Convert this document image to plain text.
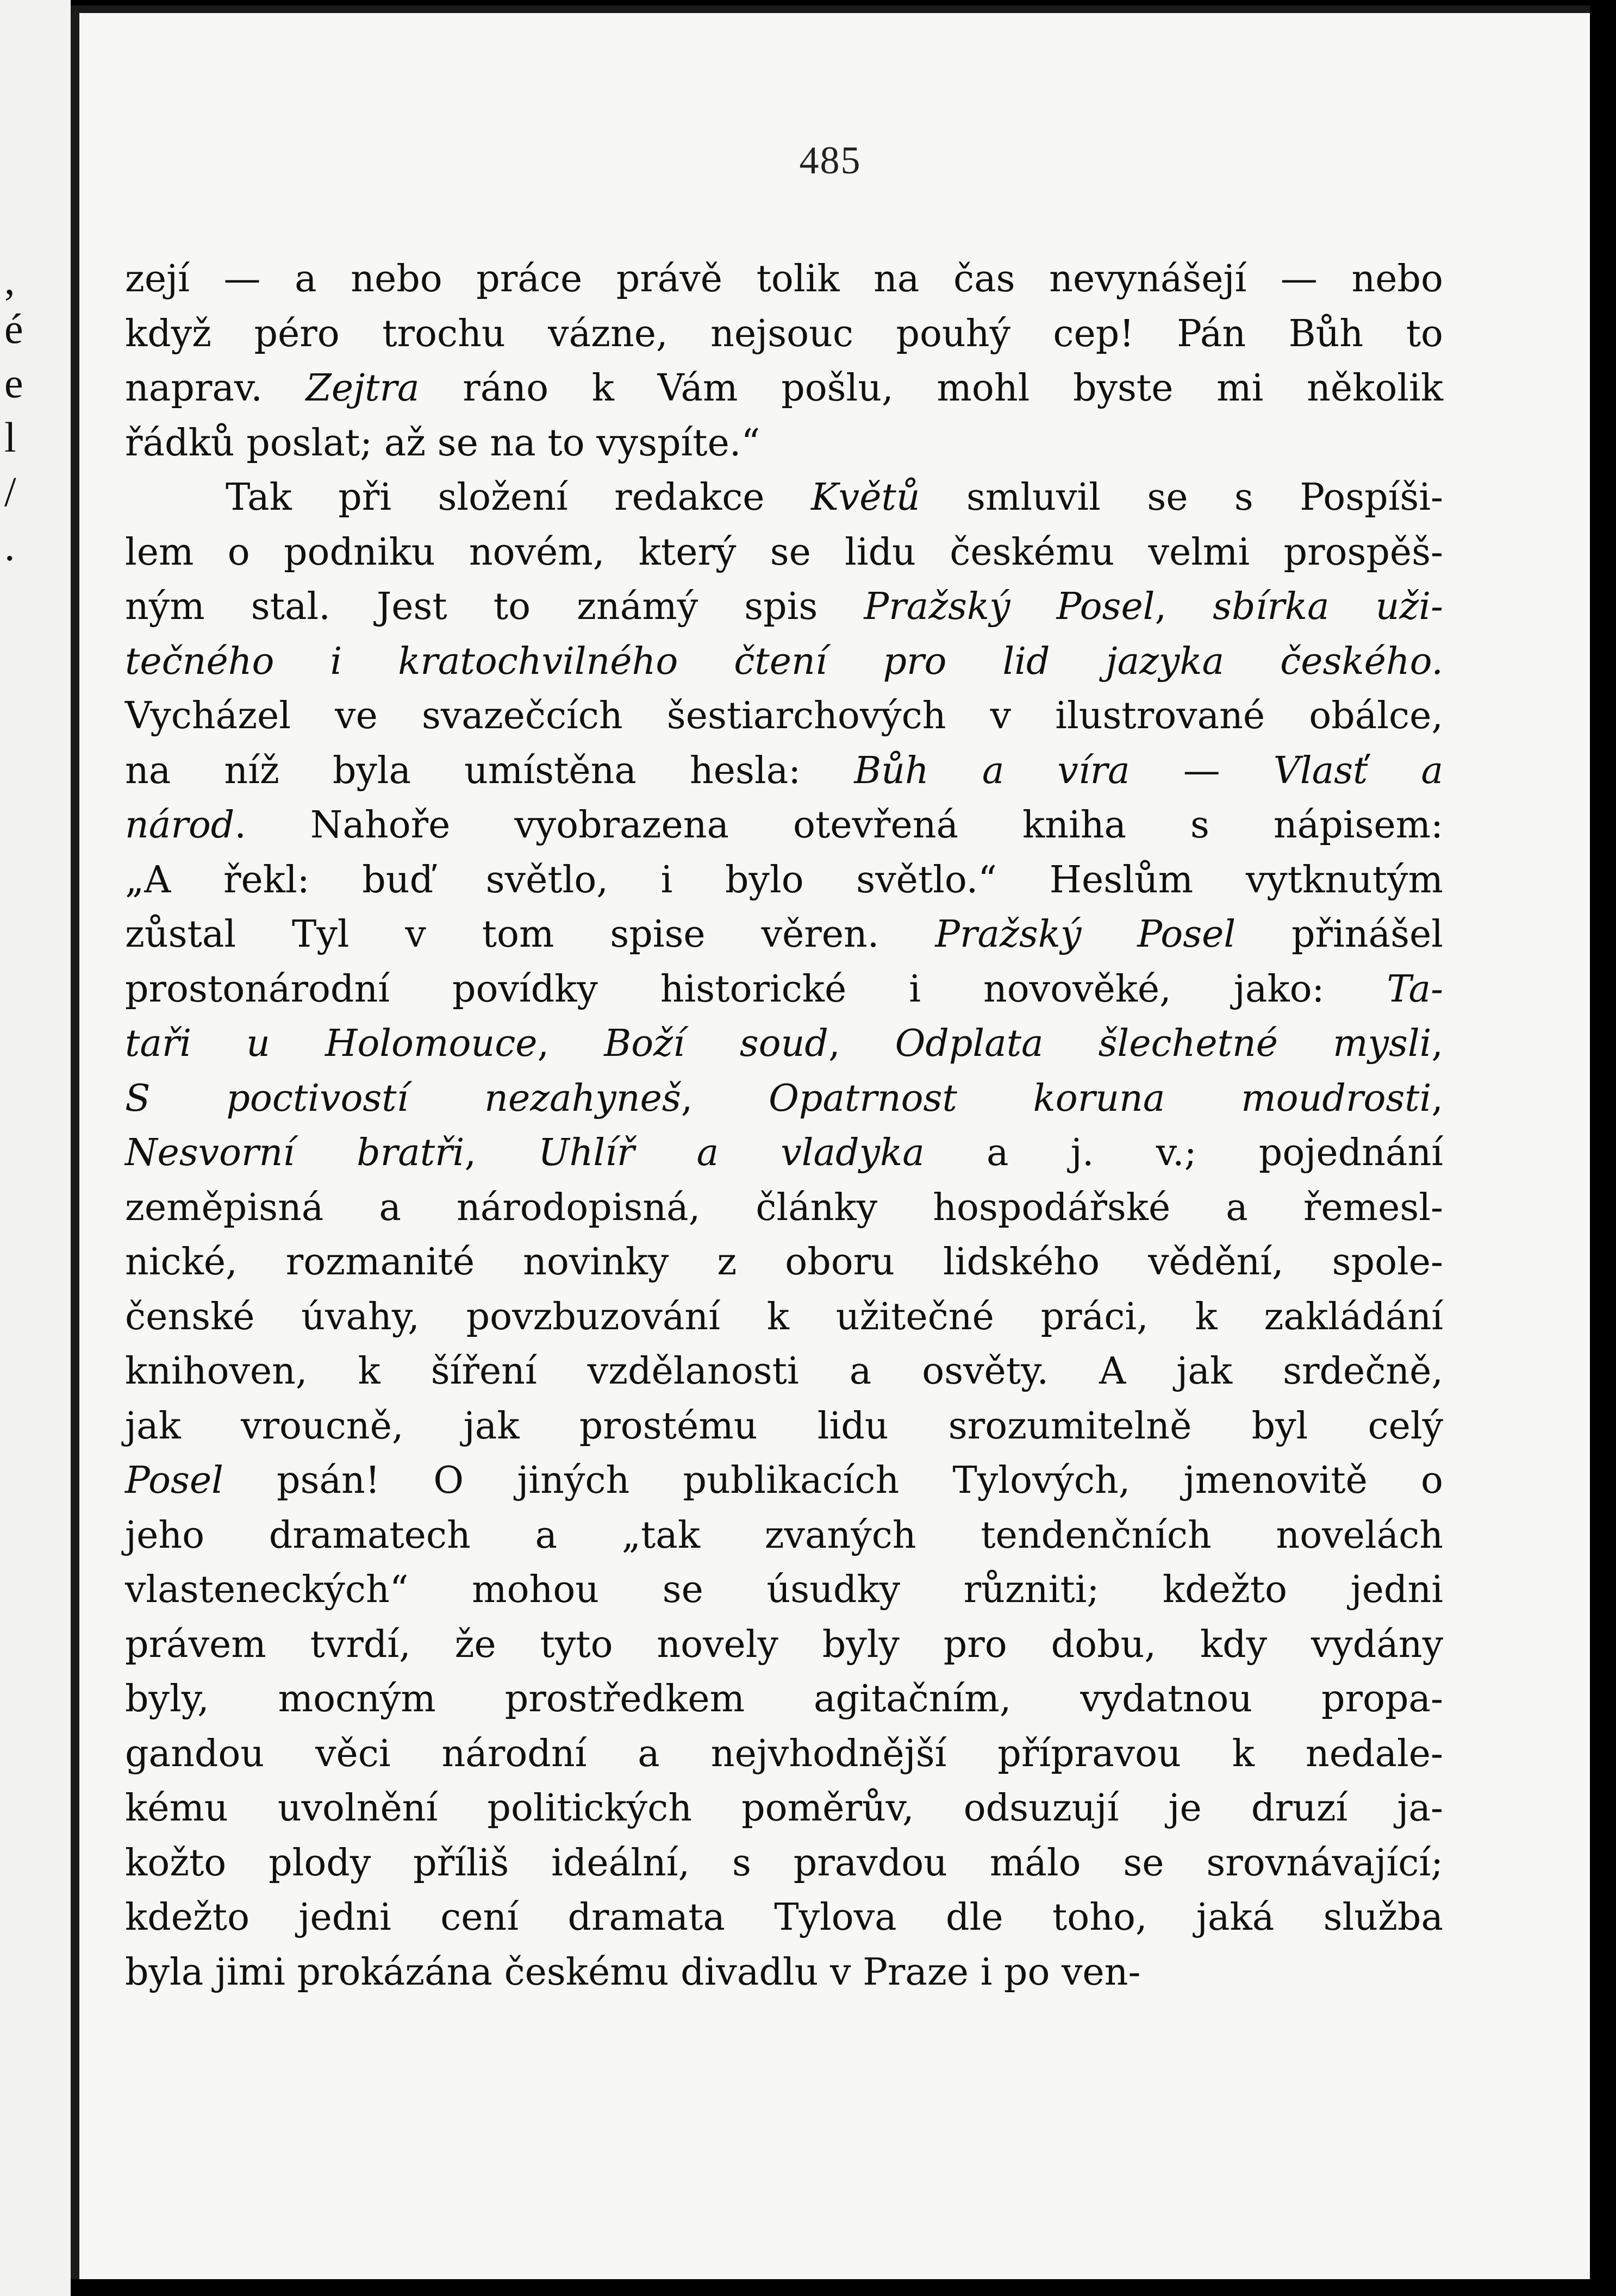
,
é
e
l
/
.
485
zejí — a nebo práce právě tolik na čas nevynášejí — nebo
když péro trochu vázne, nejsouc pouhý cep! Pán Bůh to
naprav. Zejtra ráno k Vám pošlu, mohl byste mi několik
řádků poslat; až se na to vyspíte.“
Tak při složení redakce Květů smluvil se s Pospíši-
lem o podniku novém, který se lidu českému velmi prospěš-
ným stal. Jest to známý spis Pražský Posel, sbírka uži-
tečného i kratochvilného čtení pro lid jazyka českého.
Vycházel ve svazečcích šestiarchových v ilustrované obálce,
na níž byla umístěna hesla: Bůh a víra — Vlasť a
národ. Nahoře vyobrazena otevřená kniha s nápisem:
„A řekl: buď světlo, i bylo světlo.“ Heslům vytknutým
zůstal Tyl v tom spise věren. Pražský Posel přinášel
prostonárodní povídky historické i novověké, jako: Ta-
taři u Holomouce, Boží soud, Odplata šlechetné mysli,
S poctivostí nezahyneš, Opatrnost koruna moudrosti,
Nesvorní bratři, Uhlíř a vladyka a j. v.; pojednání
zeměpisná a národopisná, články hospodářské a řemesl-
nické, rozmanité novinky z oboru lidského vědění, spole-
čenské úvahy, povzbuzování k užitečné práci, k zakládání
knihoven, k šíření vzdělanosti a osvěty. A jak srdečně,
jak vroucně, jak prostému lidu srozumitelně byl celý
Posel psán! O jiných publikacích Tylových, jmenovitě o
jeho dramatech a „tak zvaných tendenčních novelách
vlasteneckých“ mohou se úsudky různiti; kdežto jedni
právem tvrdí, že tyto novely byly pro dobu, kdy vydány
byly, mocným prostředkem agitačním, vydatnou propa-
gandou věci národní a nejvhodnější přípravou k nedale-
kému uvolnění politických poměrův, odsuzují je druzí ja-
kožto plody příliš ideální, s pravdou málo se srovnávající;
kdežto jedni cení dramata Tylova dle toho, jaká služba
byla jimi prokázána českému divadlu v Praze i po ven-
